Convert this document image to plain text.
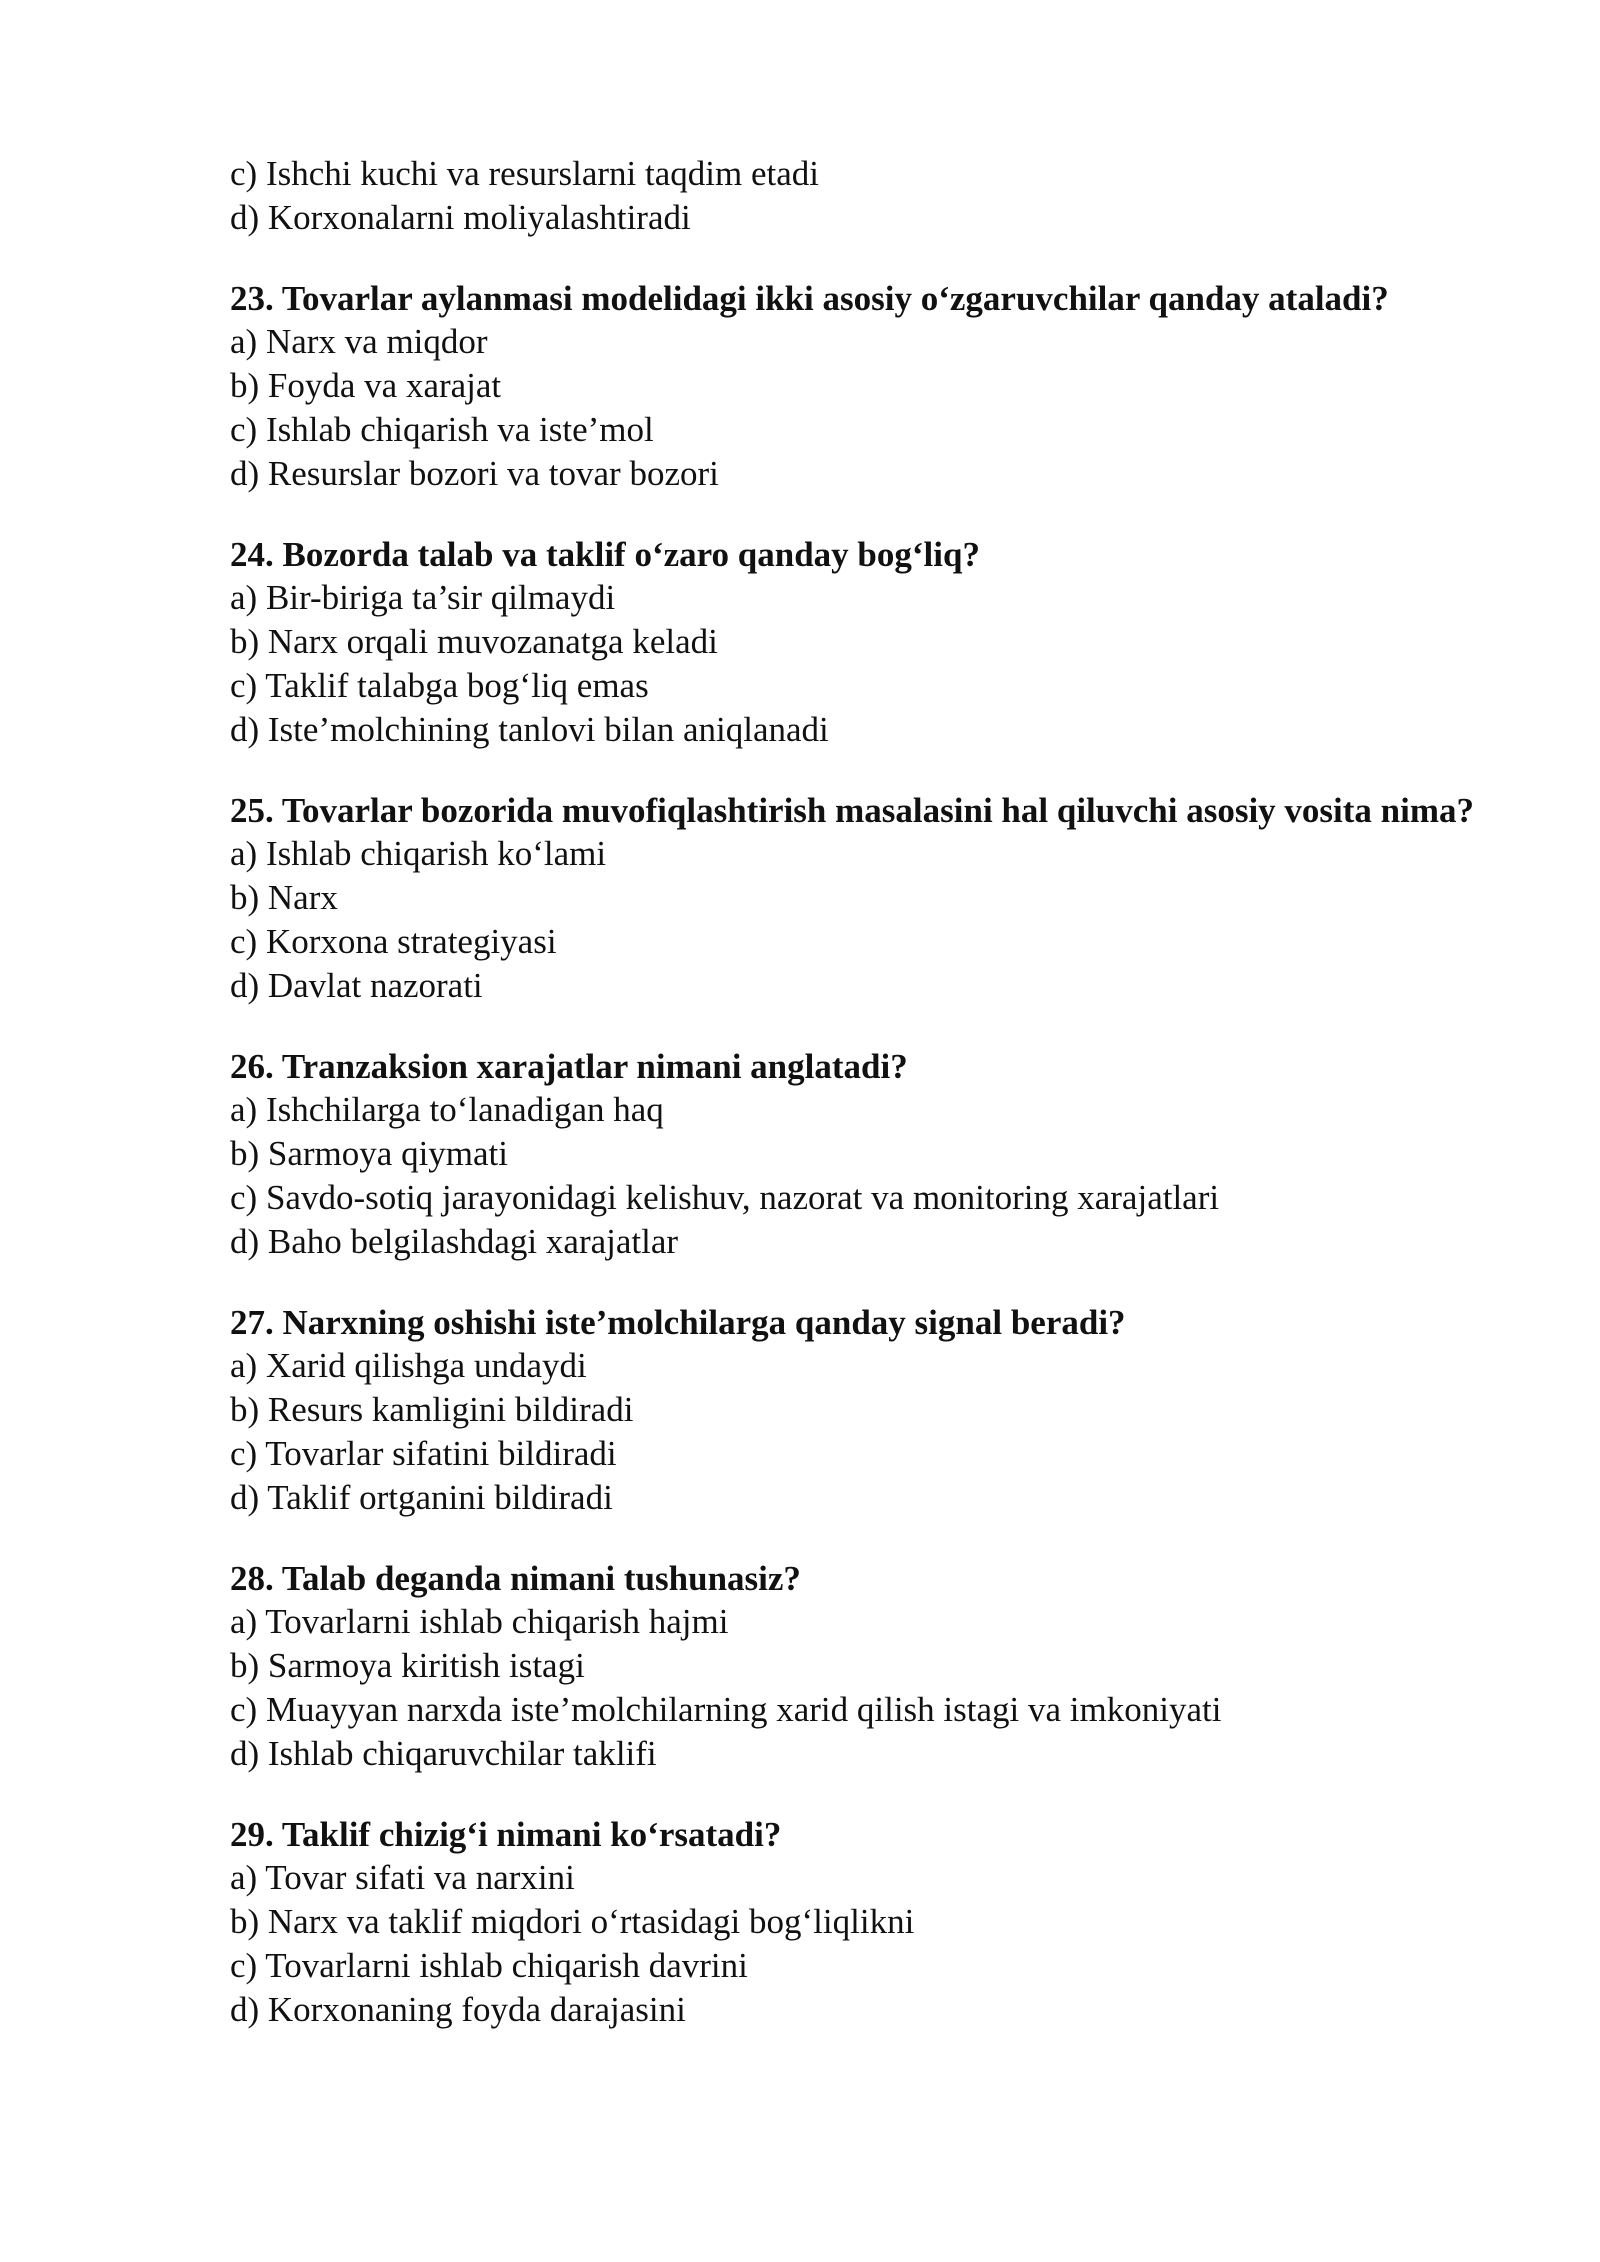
c) Ishchi kuchi va resurslarni taqdim etadi

d) Korxonalarni moliyalashtiradi

23. Tovarlar aylanmasi modelidagi ikki asosiy o‘zgaruvchilar qanday ataladi?

a) Narx va miqdor

b) Foyda va xarajat

c) Ishlab chiqarish va iste’mol

d) Resurslar bozori va tovar bozori

24. Bozorda talab va taklif o‘zaro qanday bog‘liq?

a) Bir-biriga ta’sir qilmaydi

b) Narx orqali muvozanatga keladi

c) Taklif talabga bog‘liq emas

d) Iste’molchining tanlovi bilan aniqlanadi

25. Tovarlar bozorida muvofiqlashtirish masalasini hal qiluvchi asosiy vosita nima?

a) Ishlab chiqarish ko‘lami

b) Narx

c) Korxona strategiyasi

d) Davlat nazorati

26. Tranzaksion xarajatlar nimani anglatadi?

a) Ishchilarga to‘lanadigan haq

b) Sarmoya qiymati

c) Savdo-sotiq jarayonidagi kelishuv, nazorat va monitoring xarajatlari

d) Baho belgilashdagi xarajatlar

27. Narxning oshishi iste’molchilarga qanday signal beradi?

a) Xarid qilishga undaydi

b) Resurs kamligini bildiradi

c) Tovarlar sifatini bildiradi

d) Taklif ortganini bildiradi

28. Talab deganda nimani tushunasiz?

a) Tovarlarni ishlab chiqarish hajmi

b) Sarmoya kiritish istagi

c) Muayyan narxda iste’molchilarning xarid qilish istagi va imkoniyati

d) Ishlab chiqaruvchilar taklifi

29. Taklif chizig‘i nimani ko‘rsatadi?

a) Tovar sifati va narxini

b) Narx va taklif miqdori o‘rtasidagi bog‘liqlikni

c) Tovarlarni ishlab chiqarish davrini

d) Korxonaning foyda darajasini
